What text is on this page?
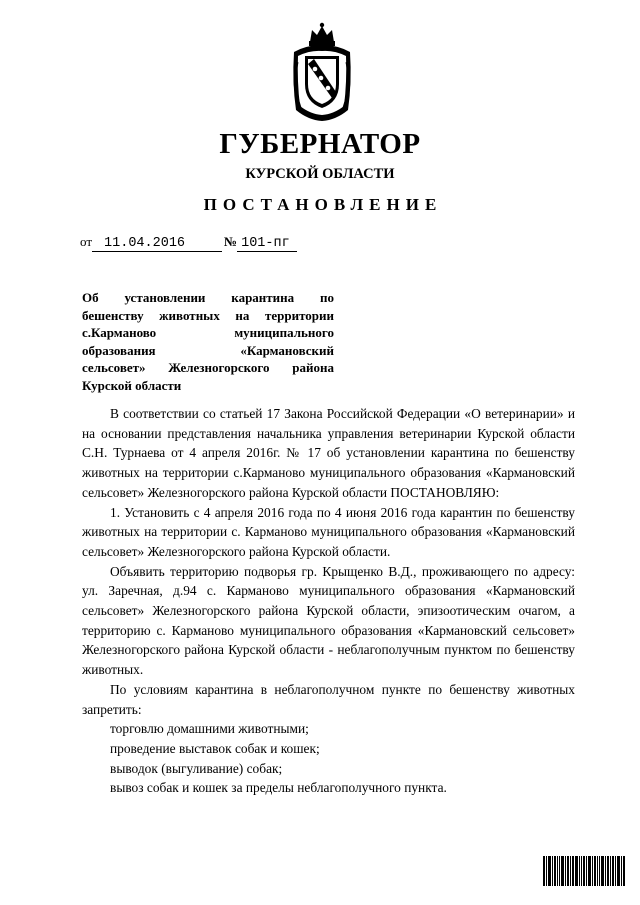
ГУБЕРНАТОР
КУРСКОЙ ОБЛАСТИ
ПОСТАНОВЛЕНИЕ
от 11.04.2016	№ 101-пг
Об установлении карантина по
бешенству животных на территории
с.Карманово муниципального
образования «Кармановский
сельсовет» Железногорского района
Курской области

В соответствии со статьей 17 Закона Российской Федерации «О ветеринарии» и на основании представления начальника управления ветеринарии Курской области С.Н. Турнаева от 4 апреля 2016г. № 17 об установлении карантина по бешенству животных на территории с.Карманово муниципального образования «Кармановский сельсовет» Железногорского района Курской области ПОСТАНОВЛЯЮ:

1. Установить с 4 апреля 2016 года по 4 июня 2016 года карантин по бешенству животных на территории с. Карманово муниципального образования «Кармановский сельсовет» Железногорского района Курской области.

Объявить территорию подворья гр. Крыщенко В.Д., проживающего по адресу: ул. Заречная, д.94 с. Карманово муниципального образования «Кармановский сельсовет» Железногорского района Курской области, эпизоотическим очагом, а территорию с. Карманово муниципального образования «Кармановский сельсовет» Железногорского района Курской области - неблагополучным пунктом по бешенству животных.

По условиям карантина в неблагополучном пункте по бешенству животных запретить:

торговлю домашними животными;
проведение выставок собак и кошек;
выводок (выгуливание) собак;
вывоз собак и кошек за пределы неблагополучного пункта.
